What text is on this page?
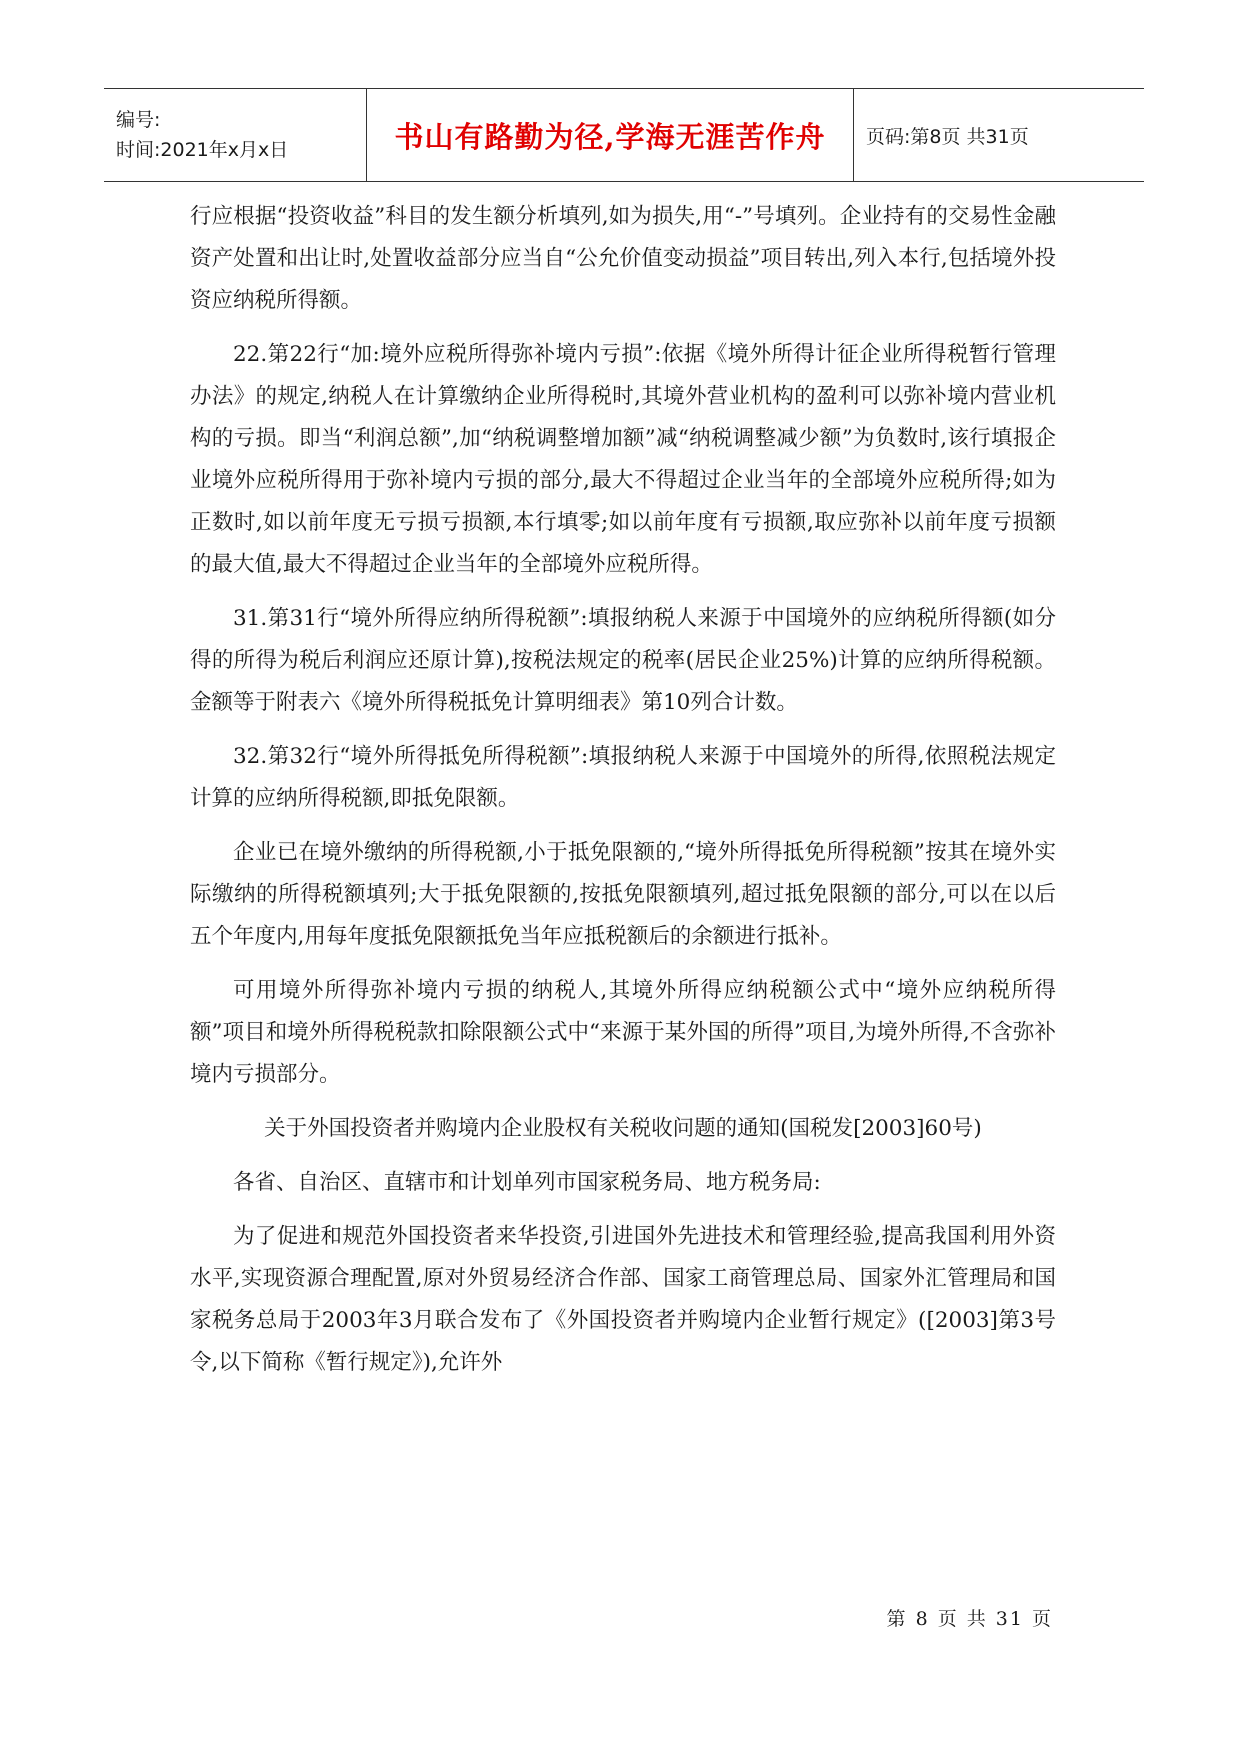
编号:
时间:2021年x月x日	书山有路勤为径,学海无涯苦作舟 页码:第8页 共31页

行应根据“投资收益”科目的发生额分析填列,如为损失,用“-”号填列。企业持有的交易性金融资产处置和出让时,处置收益部分应当自“公允价值变动损益”项目转出,列入本行,包括境外投资应纳税所得额。

22.第22行“加:境外应税所得弥补境内亏损”:依据《境外所得计征企业所得税暂行管理办法》的规定,纳税人在计算缴纳企业所得税时,其境外营业机构的盈利可以弥补境内营业机构的亏损。即当“利润总额”,加“纳税调整增加额”减“纳税调整减少额”为负数时,该行填报企业境外应税所得用于弥补境内亏损的部分,最大不得超过企业当年的全部境外应税所得;如为正数时,如以前年度无亏损亏损额,本行填零;如以前年度有亏损额,取应弥补以前年度亏损额的最大值,最大不得超过企业当年的全部境外应税所得。

31.第31行“境外所得应纳所得税额”:填报纳税人来源于中国境外的应纳税所得额(如分得的所得为税后利润应还原计算),按税法规定的税率(居民企业25%)计算的应纳所得税额。金额等于附表六《境外所得税抵免计算明细表》第10列合计数。

32.第32行“境外所得抵免所得税额”:填报纳税人来源于中国境外的所得,依照税法规定计算的应纳所得税额,即抵免限额。

企业已在境外缴纳的所得税额,小于抵免限额的,“境外所得抵免所得税额”按其在境外实际缴纳的所得税额填列;大于抵免限额的,按抵免限额填列,超过抵免限额的部分,可以在以后五个年度内,用每年度抵免限额抵免当年应抵税额后的余额进行抵补。

可用境外所得弥补境内亏损的纳税人,其境外所得应纳税额公式中“境外应纳税所得额”项目和境外所得税税款扣除限额公式中“来源于某外国的所得”项目,为境外所得,不含弥补境内亏损部分。

关于外国投资者并购境内企业股权有关税收问题的通知(国税发[2003]60号)

各省、自治区、直辖市和计划单列市国家税务局、地方税务局:

为了促进和规范外国投资者来华投资,引进国外先进技术和管理经验,提高我国利用外资水平,实现资源合理配置,原对外贸易经济合作部、国家工商管理总局、国家外汇管理局和国家税务总局于2003年3月联合发布了《外国投资者并购境内企业暂行规定》([2003]第3号令,以下简称《暂行规定》),允许外

第 8 页 共 31 页
